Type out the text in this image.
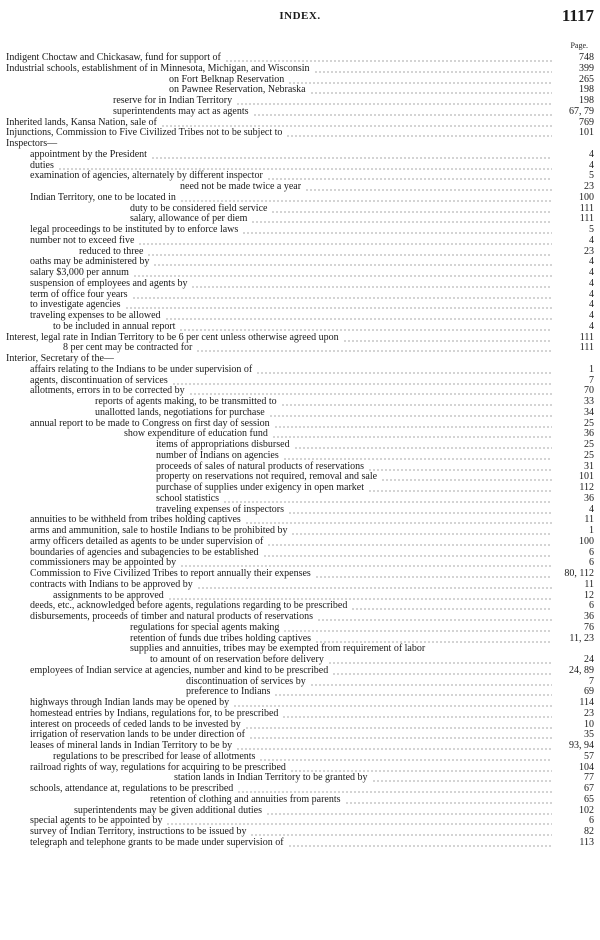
INDEX.	1117
Page.
Indigent Choctaw and Chickasaw, fund for support of	748
Industrial schools, establishment of in Minnesota, Michigan, and Wisconsin	399
on Fort Belknap Reservation	265
on Pawnee Reservation, Nebraska	198
reserve for in Indian Territory	198
superintendents may act as agents	67, 79
Inherited lands, Kansa Nation, sale of	769
Injunctions, Commission to Five Civilized Tribes not to be subject to	101
Inspectors—
appointment by the President	4
duties	4
examination of agencies, alternately by different inspector	5
need not be made twice a year	23
Indian Territory, one to be located in	100
duty to be considered field service	111
salary, allowance of per diem	111
legal proceedings to be instituted by to enforce laws	5
number not to exceed five	4
reduced to three	23
oaths may be administered by	4
salary $3,000 per annum	4
suspension of employees and agents by	4
term of office four years	4
to investigate agencies	4
traveling expenses to be allowed	4
to be included in annual report	4
Interest, legal rate in Indian Territory to be 6 per cent unless otherwise agreed upon	111
8 per cent may be contracted for	111
Interior, Secretary of the—
affairs relating to the Indians to be under supervision of	1
agents, discontinuation of services	7
allotments, errors in to be corrected by	70
reports of agents making, to be transmitted to	33
unallotted lands, negotiations for purchase	34
annual report to be made to Congress on first day of session	25
show expenditure of education fund	36
items of appropriations disbursed	25
number of Indians on agencies	25
proceeds of sales of natural products of reservations	31
property on reservations not required, removal and sale	101
purchase of supplies under exigency in open market	112
school statistics	36
traveling expenses of inspectors	4
annuities to be withheld from tribes holding captives	11
arms and ammunition, sale to hostile Indians to be prohibited by	1
army officers detailed as agents to be under supervision of	100
boundaries of agencies and subagencies to be established	6
commissioners may be appointed by	6
Commission to Five Civilized Tribes to report annually their expenses	80, 112
contracts with Indians to be approved by	11
assignments to be approved	12
deeds, etc., acknowledged before agents, regulations regarding to be prescribed	6
disbursements, proceeds of timber and natural products of reservations	36
regulations for special agents making	76
retention of funds due tribes holding captives	11, 23
supplies and annuities, tribes may be exempted from requirement of labor
to amount of on reservation before delivery	24
employees of Indian service at agencies, number and kind to be prescribed	24, 89
discontinuation of services by	7
preference to Indians	69
highways through Indian lands may be opened by	114
homestead entries by Indians, regulations for, to be prescribed	23
interest on proceeds of ceded lands to be invested by	10
irrigation of reservation lands to be under direction of	35
leases of mineral lands in Indian Territory to be by	93, 94
regulations to be prescribed for lease of allotments	57
railroad rights of way, regulations for acquiring to be prescribed	104
station lands in Indian Territory to be granted by	77
schools, attendance at, regulations to be prescribed	67
retention of clothing and annuities from parents	65
superintendents may be given additional duties	102
special agents to be appointed by	6
survey of Indian Territory, instructions to be issued by	82
telegraph and telephone grants to be made under supervision of	113
